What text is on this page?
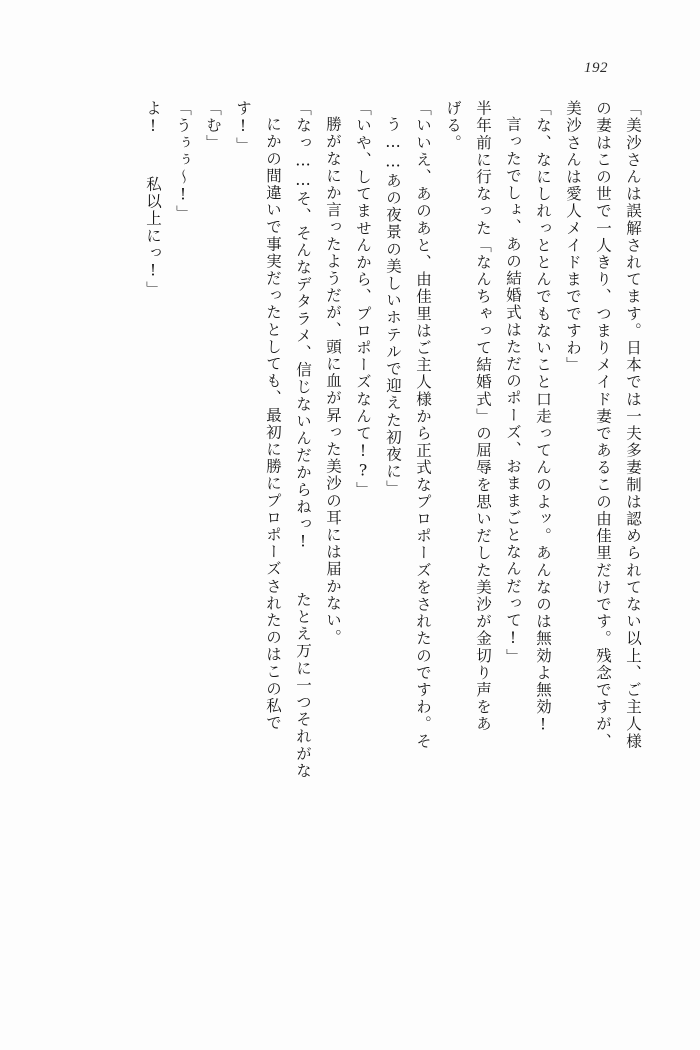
192
「美沙さんは誤解されてます。日本では一夫多妻制は認められてない以上、ご主人様
の妻はこの世で一人きり、つまりメイド妻であるこの由佳里だけです。残念ですが、
美沙さんは愛人メイドまでですわ」
「な、なにしれっととんでもないこと口走ってんのよッ。あんなのは無効よ無効!
言ったでしょ、あの結婚式はただのポーズ、おままごとなんだって!」
半年前に行なった「なんちゃって結婚式」の屈辱を思いだした美沙が金切り声をあ
げる。
「いいえ、あのあと、由佳里はご主人様から正式なプロポーズをされたのですわ。そ
う……あの夜景の美しいホテルで迎えた初夜に」
「いや、してませんから、プロポーズなんて!?」
勝がなにか言ったようだが、頭に血が昇った美沙の耳には届かない。
「なっ……そ、そんなデタラメ、信じないんだからねっ!  たとえ万に一つそれがな
にかの間違いで事実だったとしても、最初に勝にプロポーズされたのはこの私で
す!」
「む」
「うぅぅ〜!」
よ!  私以上にっ!」
